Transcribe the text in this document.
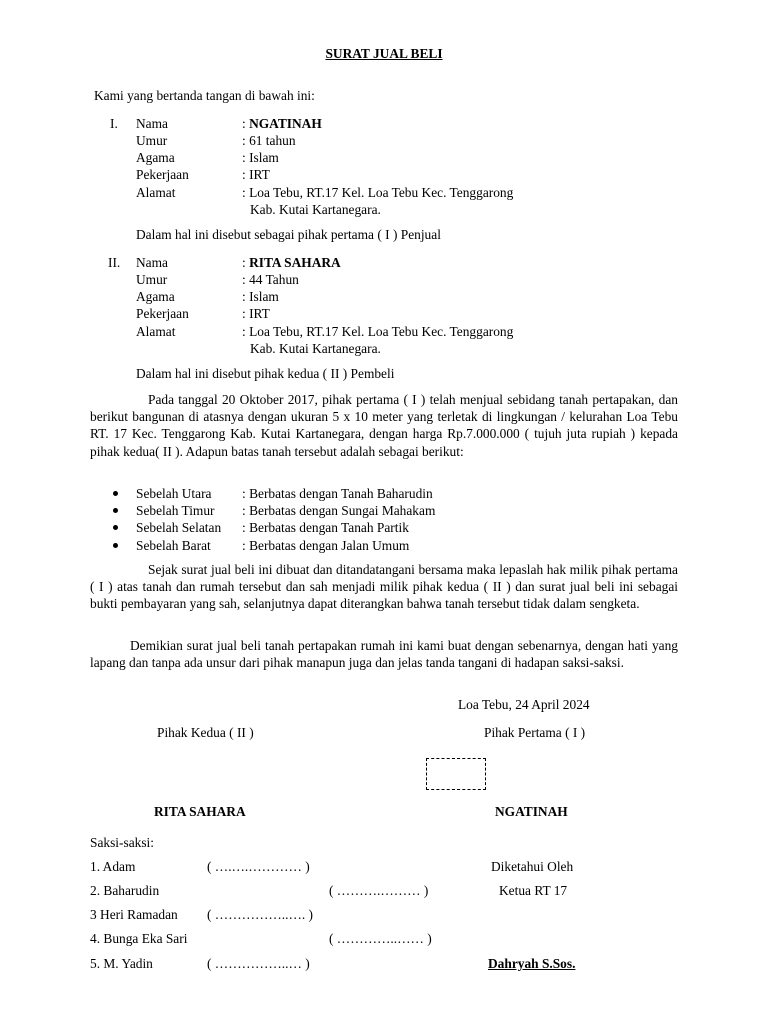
SURAT JUAL BELI
Kami yang bertanda tangan di bawah ini:
I. Nama	: NGATINAH
Umur	: 61 tahun
Agama	: Islam
Pekerjaan	: IRT
Alamat	: Loa Tebu, RT.17 Kel. Loa Tebu Kec. Tenggarong
Kab. Kutai Kartanegara.
Dalam hal ini disebut sebagai pihak pertama ( I ) Penjual
II. Nama	: RITA SAHARA
Umur	: 44 Tahun
Agama	: Islam
Pekerjaan	: IRT
Alamat	: Loa Tebu, RT.17 Kel. Loa Tebu Kec. Tenggarong
Kab. Kutai Kartanegara.
Dalam hal ini disebut pihak kedua ( II ) Pembeli
Pada tanggal 20 Oktober 2017, pihak pertama ( I ) telah menjual sebidang tanah pertapakan, dan berikut bangunan di atasnya dengan ukuran 5 x 10 meter yang terletak di lingkungan / kelurahan Loa Tebu RT. 17 Kec. Tenggarong Kab. Kutai Kartanegara, dengan harga Rp.7.000.000 ( tujuh juta rupiah ) kepada pihak kedua( II ). Adapun batas tanah tersebut adalah sebagai berikut:
Sebelah Utara : Berbatas dengan Tanah Baharudin
Sebelah Timur : Berbatas dengan Sungai Mahakam
Sebelah Selatan : Berbatas dengan Tanah Partik
Sebelah Barat : Berbatas dengan Jalan Umum
Sejak surat jual beli ini dibuat dan ditandatangani bersama maka lepaslah hak milik pihak pertama ( I ) atas tanah dan rumah tersebut dan sah menjadi milik pihak kedua ( II ) dan surat jual beli ini sebagai bukti pembayaran yang sah, selanjutnya dapat diterangkan bahwa tanah tersebut tidak dalam sengketa.
Demikian surat jual beli tanah pertapakan rumah ini kami buat dengan sebenarnya, dengan hati yang lapang dan tanpa ada unsur dari pihak manapun juga dan jelas tanda tangani di hadapan saksi-saksi.
Loa Tebu, 24 April 2024
Pihak Kedua ( II )	Pihak Pertama ( I )
RITA SAHARA	NGATINAH
Saksi-saksi:
1. Adam	( ….….………… )
2. Baharudin	( ……….……… )
3 Heri Ramadan ( ……………..…. )
4. Bunga Eka Sari	( …………..…… )
5. M. Yadin	( ……………..… )
Diketahui Oleh
Ketua RT 17
Dahryah S.Sos.
